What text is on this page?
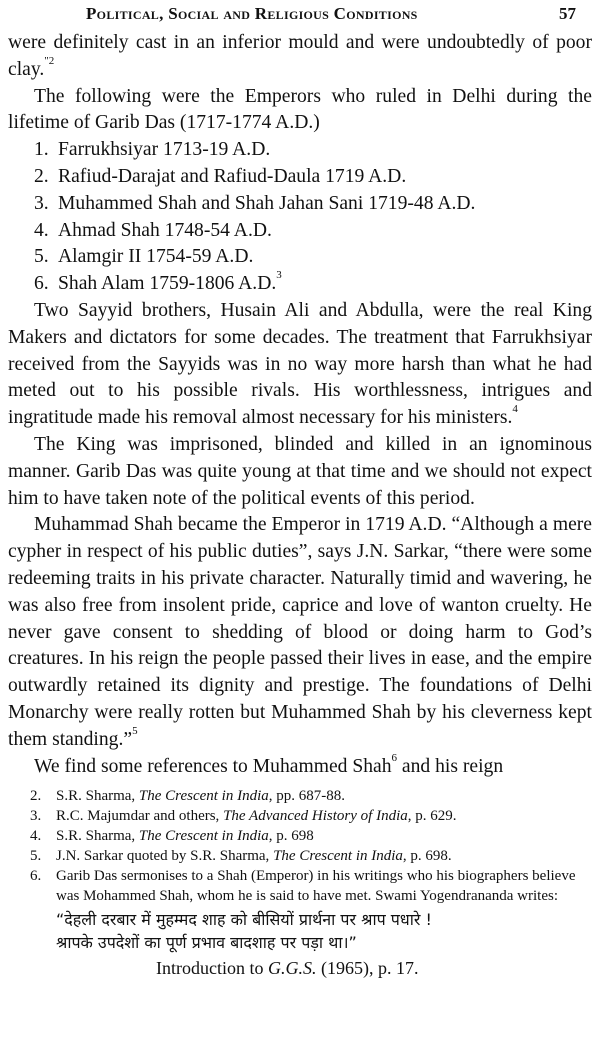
Political, Social and Religious Conditions	57

were definitely cast in an inferior mould and were undoubtedly of poor clay.$^{"2}$

The following were the Emperors who ruled in Delhi during the lifetime of Garib Das (1717-1774 A.D.)

1. Farrukhsiyar 1713-19 A.D.
2. Rafiud-Darajat and Rafiud-Daula 1719 A.D.
3. Muhammed Shah and Shah Jahan Sani 1719-48 A.D.
4. Ahmad Shah 1748-54 A.D.
5. Alamgir II 1754-59 A.D.
6. Shah Alam 1759-1806 A.D.$^3$

Two Sayyid brothers, Husain Ali and Abdulla, were the real King Makers and dictators for some decades. The treatment that Farrukhsiyar received from the Sayyids was in no way more harsh than what he had meted out to his possible rivals. His worthlessness, intrigues and ingratitude made his removal almost necessary for his ministers.$^4$

The King was imprisoned, blinded and killed in an ignominous manner. Garib Das was quite young at that time and we should not expect him to have taken note of the political events of this period.

Muhammad Shah became the Emperor in 1719 A.D. “Although a mere cypher in respect of his public duties”, says J.N. Sarkar, “there were some redeeming traits in his private character. Naturally timid and wavering, he was also free from insolent pride, caprice and love of wanton cruelty. He never gave consent to shedding of blood or doing harm to God’s creatures. In his reign the people passed their lives in ease, and the empire outwardly retained its dignity and prestige. The foundations of Delhi Monarchy were really rotten but Muhammed Shah by his cleverness kept them standing.”$^5$

We find some references to Muhammed Shah$^6$ and his reign

2. S.R. Sharma, The Crescent in India, pp. 687-88.
3. R.C. Majumdar and others, The Advanced History of India, p. 629.
4. S.R. Sharma, The Crescent in India, p. 698
5. J.N. Sarkar quoted by S.R. Sharma, The Crescent in India, p. 698.
6. Garib Das sermonises to a Shah (Emperor) in his writings who his biographers believe was Mohammed Shah, whom he is said to have met. Swami Yogendrananda writes:
“देहली दरबार में मुहम्मद शाह को बीसियों प्रार्थना पर श्राप पधारे !
श्रापके उपदेशों का पूर्ण प्रभाव बादशाह पर पड़ा था।”
Introduction to G.G.S. (1965), p. 17.
